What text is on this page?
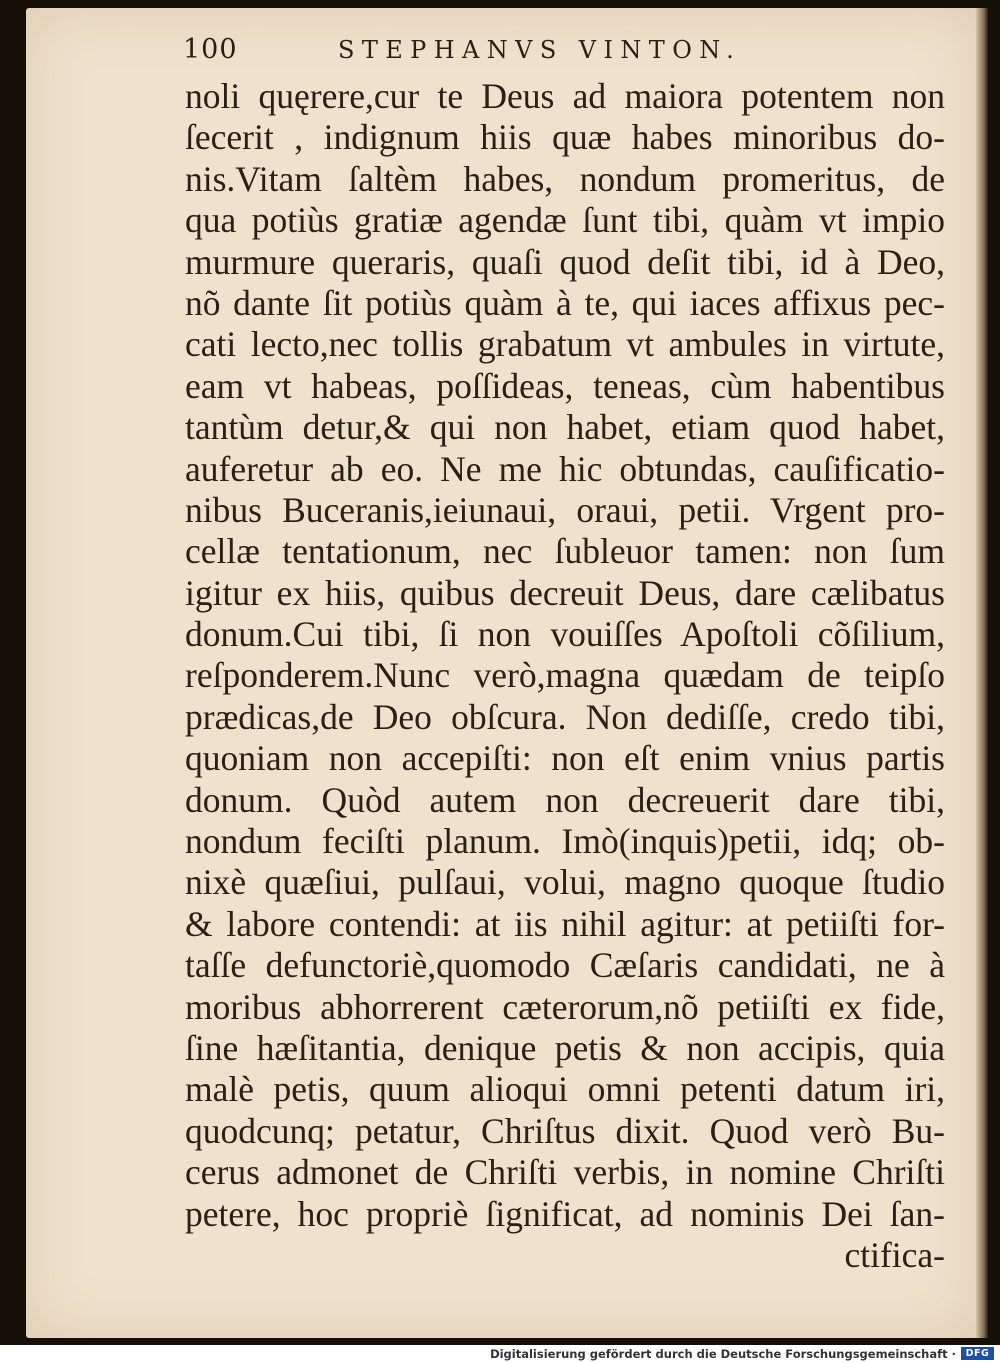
100	STEPHANVS VINTON.
noli quęrere,cur te Deus ad maiora potentem non
ſecerit , indignum hiis quæ habes minoribus do-
nis.Vitam ſaltèm habes, nondum promeritus, de
qua potiùs gratiæ agendæ ſunt tibi, quàm vt impio
murmure queraris, quaſi quod deſit tibi, id à Deo,
nõ dante ſit potiùs quàm à te, qui iaces affixus pec-
cati lecto,nec tollis grabatum vt ambules in virtute,
eam vt habeas, poſſideas, teneas, cùm habentibus
tantùm detur,& qui non habet, etiam quod habet,
auferetur ab eo. Ne me hic obtundas, cauſificatio-
nibus Buceranis,ieiunaui, oraui, petii. Vrgent pro-
cellæ tentationum, nec ſubleuor tamen: non ſum
igitur ex hiis, quibus decreuit Deus, dare cælibatus
donum.Cui tibi, ſi non vouiſſes Apoſtoli cõſilium,
reſponderem.Nunc verò,magna quædam de teipſo
prædicas,de Deo obſcura. Non dediſſe, credo tibi,
quoniam non accepiſti: non eſt enim vnius partis
donum. Quòd autem non decreuerit dare tibi,
nondum feciſti planum. Imò(inquis)petii, idq; ob-
nixè quæſiui, pulſaui, volui, magno quoque ſtudio
& labore contendi: at iis nihil agitur: at petiiſti for-
taſſe defunctoriè,quomodo Cæſaris candidati, ne à
moribus abhorrerent cæterorum,nõ petiiſti ex fide,
ſine hæſitantia, denique petis & non accipis, quia
malè petis, quum alioqui omni petenti datum iri,
quodcunq; petatur, Chriſtus dixit. Quod verò Bu-
cerus admonet de Chriſti verbis, in nomine Chriſti
petere, hoc propriè ſignificat, ad nominis Dei ſan-
ctifica-
Digitalisierung gefördert durch die Deutsche Forschungsgemeinschaft ·	DFG
